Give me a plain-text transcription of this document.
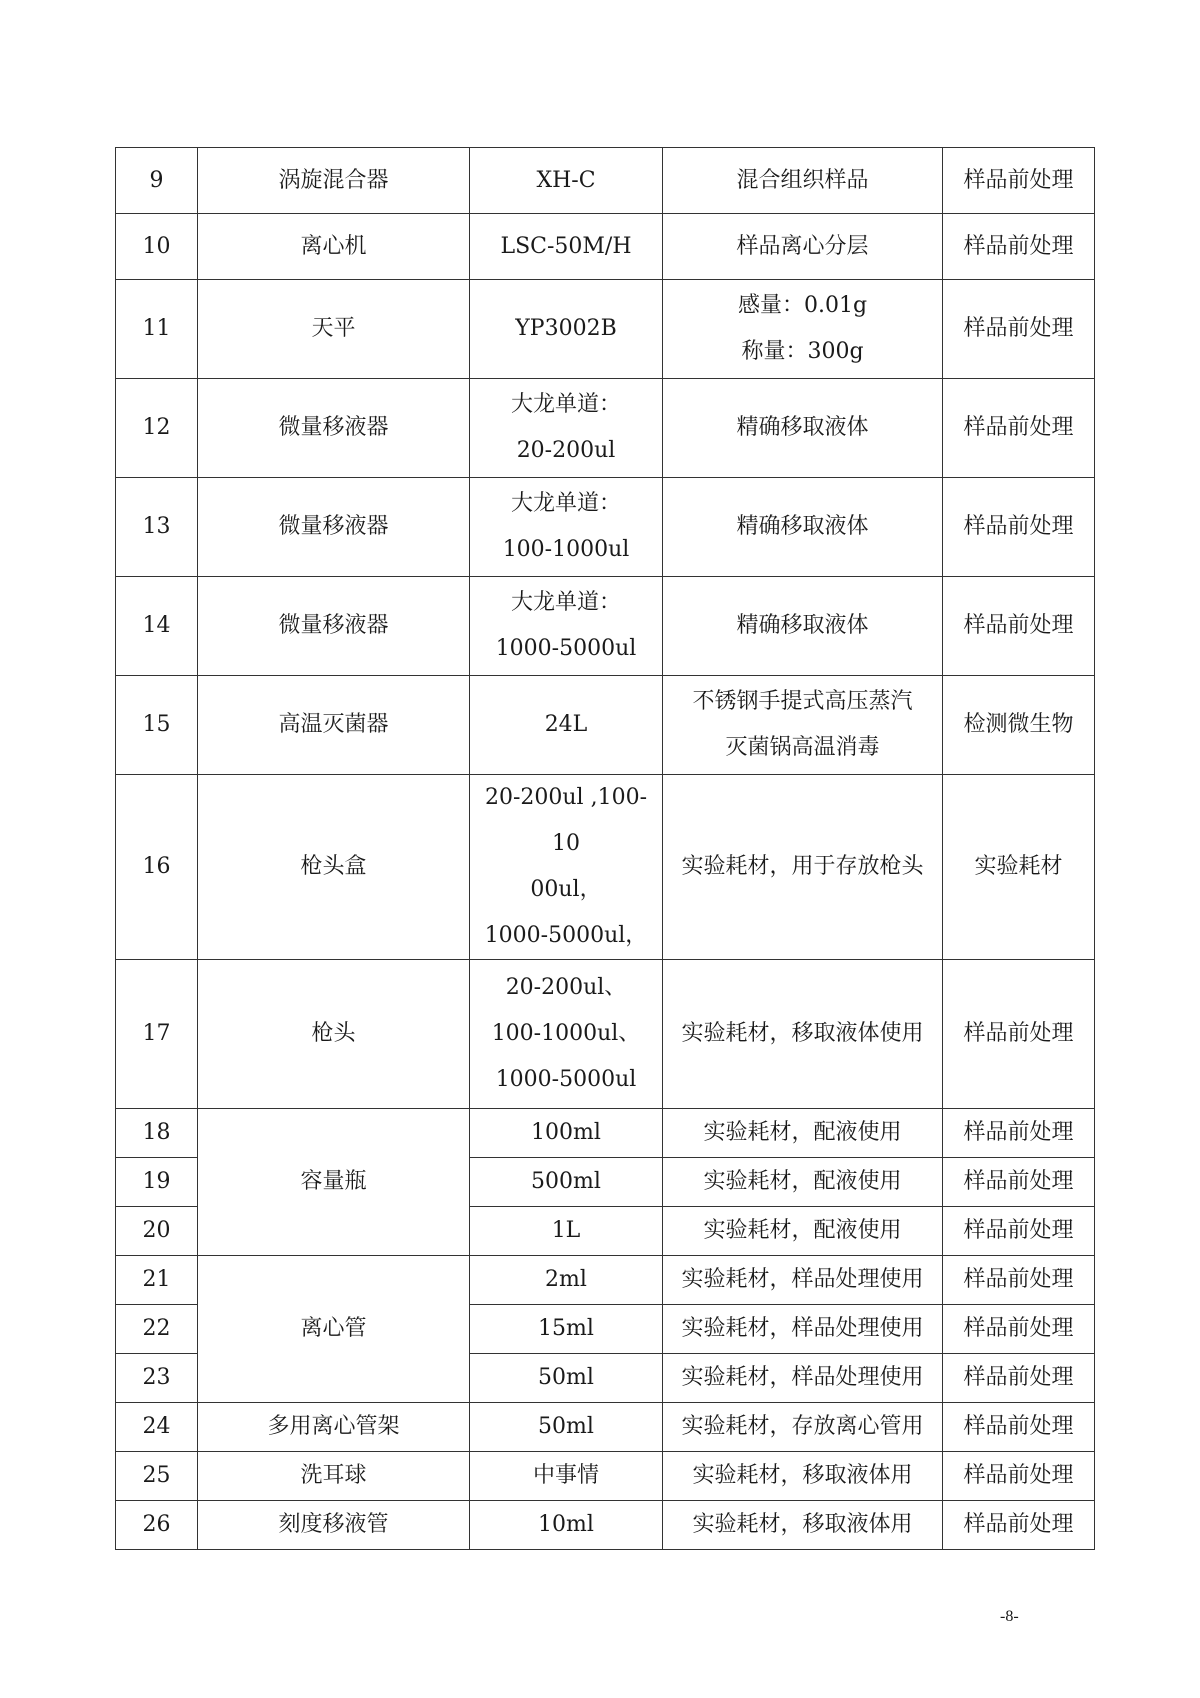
9	涡旋混合器	XH-C	混合组织样品	样品前处理
10	离心机	LSC-50M/H	样品离心分层	样品前处理
11	天平	YP3002B	感量：0.01g
称量：300g	样品前处理
12	微量移液器	大龙单道：
20-200ul	精确移取液体	样品前处理
13	微量移液器	大龙单道：
100-1000ul	精确移取液体	样品前处理
14	微量移液器	大龙单道：
1000-5000ul	精确移取液体	样品前处理
15	高温灭菌器	24L	不锈钢手提式高压蒸汽
灭菌锅高温消毒	检测微生物
16	枪头盒	20-200ul ,100-10
00ul，
1000-5000ul，	实验耗材，用于存放枪头	实验耗材
17	枪头	20-200ul、
100-1000ul、
1000-5000ul	实验耗材，移取液体使用	样品前处理
18	容量瓶	100ml	实验耗材，配液使用	样品前处理
19		500ml	实验耗材，配液使用	样品前处理
20		1L	实验耗材，配液使用	样品前处理
21	离心管	2ml	实验耗材，样品处理使用	样品前处理
22		15ml	实验耗材，样品处理使用	样品前处理
23		50ml	实验耗材，样品处理使用	样品前处理
24	多用离心管架	50ml	实验耗材，存放离心管用	样品前处理
25	洗耳球	中事情	实验耗材，移取液体用	样品前处理
26	刻度移液管	10ml	实验耗材，移取液体用	样品前处理
-8-
